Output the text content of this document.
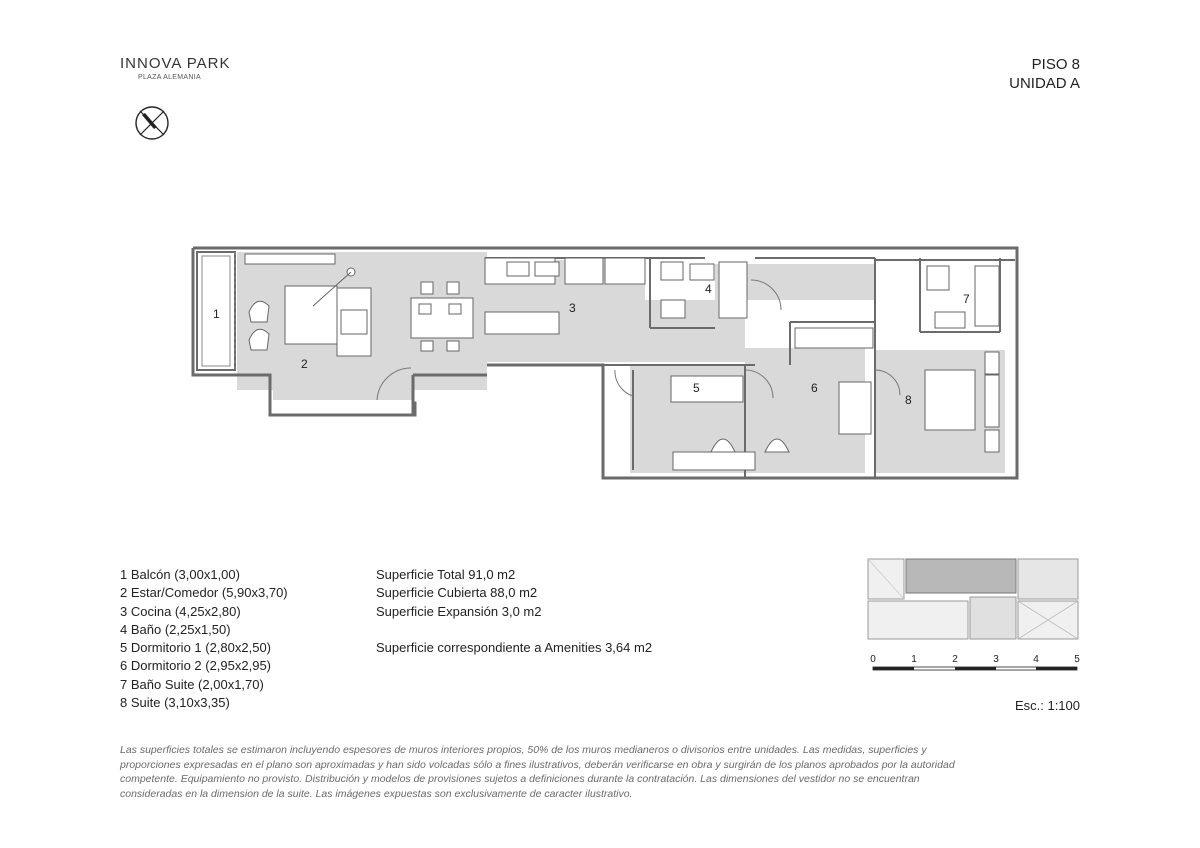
INNOVA PARK
PLAZA ALEMANIA
PISO 8
UNIDAD A
1
2
3
4
5	6
7
8
1 Balcón (3,00x1,00)
2 Estar/Comedor (5,90x3,70)
3 Cocina (4,25x2,80)
4 Baño (2,25x1,50)
5 Dormitorio 1 (2,80x2,50)
6 Dormitorio 2 (2,95x2,95)
7 Baño Suite (2,00x1,70)
8 Suite (3,10x3,35)
Superficie Total 91,0 m2
Superficie Cubierta 88,0 m2
Superficie Expansión 3,0 m2
Superficie correspondiente a Amenities 3,64 m2
0	1	2	3	4	5
Esc.: 1:100
Las superficies totales se estimaron incluyendo espesores de muros interiores propios, 50% de los muros medianeros o divisorios entre unidades. Las medidas, superficies y proporciones expresadas en el plano son aproximadas y han sido volcadas sólo a fines ilustrativos, deberán verificarse en obra y surgirán de los planos aprobados por la autoridad competente. Equipamiento no provisto. Distribución y modelos de provisiones sujetos a definiciones durante la contratación. Las dimensiones del vestidor no se encuentran consideradas en la dimension de la suite. Las imágenes expuestas son exclusivamente de caracter ilustrativo.
